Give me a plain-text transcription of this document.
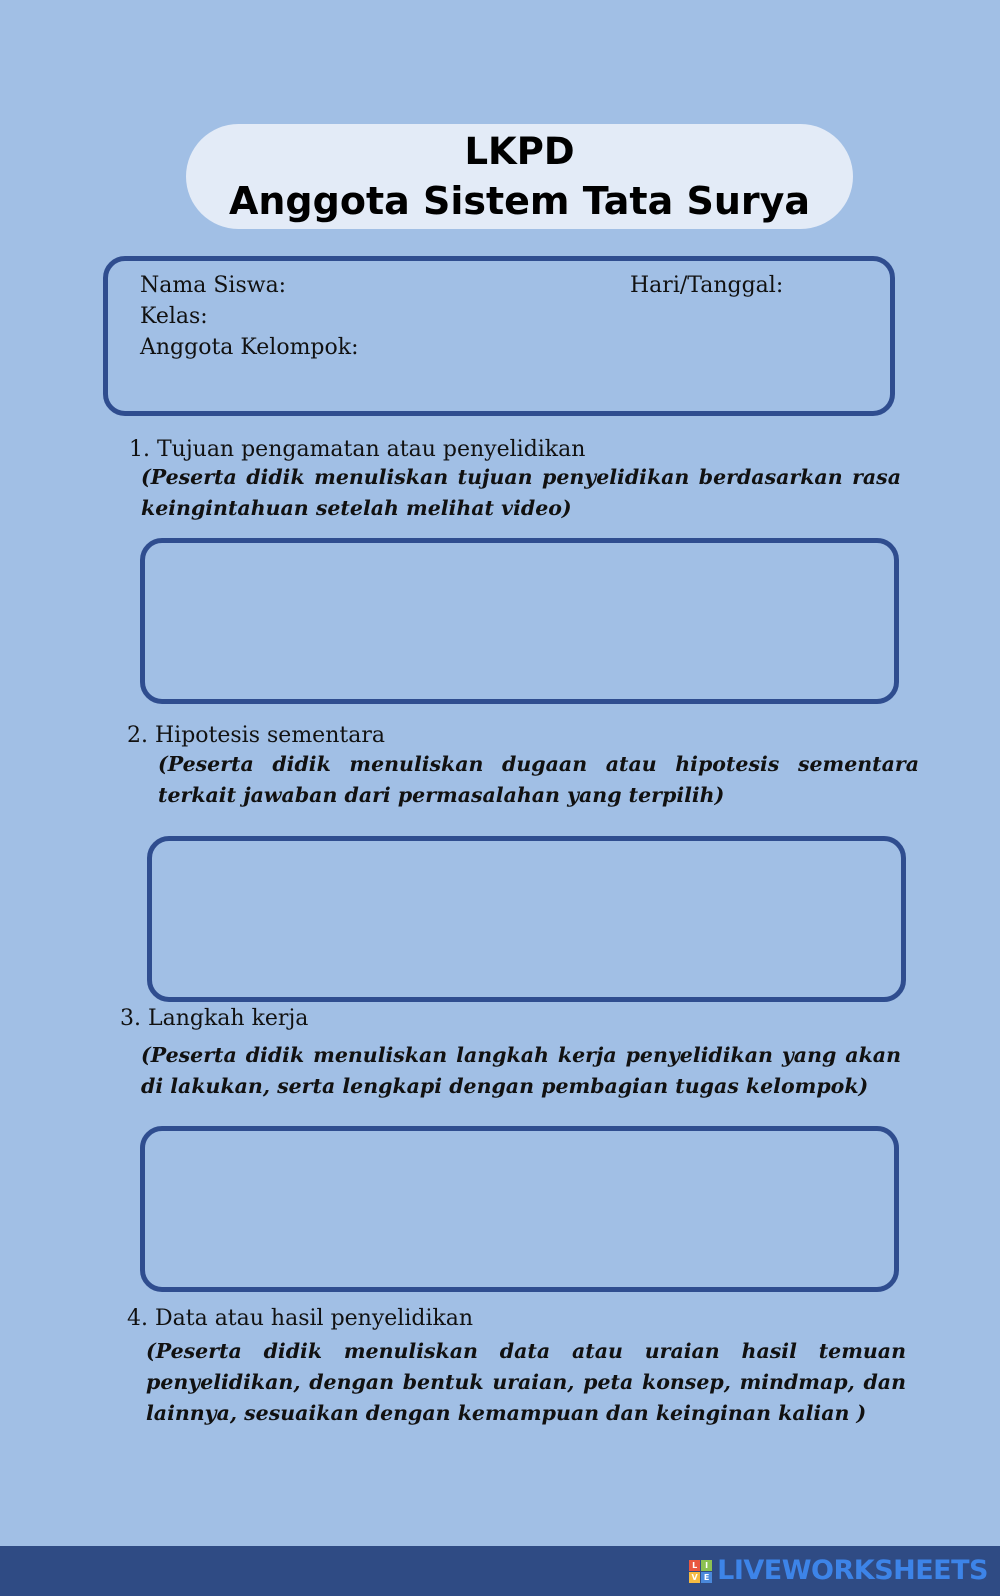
LKPD
Anggota Sistem Tata Surya
Nama Siswa:	Hari/Tanggal:
Kelas:
Anggota Kelompok:
1. Tujuan pengamatan atau penyelidikan
(Peserta didik menuliskan tujuan penyelidikan berdasarkan rasa keingintahuan setelah melihat video)
2. Hipotesis sementara
(Peserta didik menuliskan dugaan atau hipotesis sementara terkait jawaban dari permasalahan yang terpilih)
3. Langkah kerja
(Peserta didik menuliskan langkah kerja penyelidikan yang akan di lakukan, serta lengkapi dengan pembagian tugas kelompok)
4. Data atau hasil penyelidikan
(Peserta didik menuliskan data atau uraian hasil temuan penyelidikan, dengan bentuk uraian, peta konsep, mindmap, dan lainnya, sesuaikan dengan kemampuan dan keinginan kalian )
L I
V E LIVEWORKSHEETS
